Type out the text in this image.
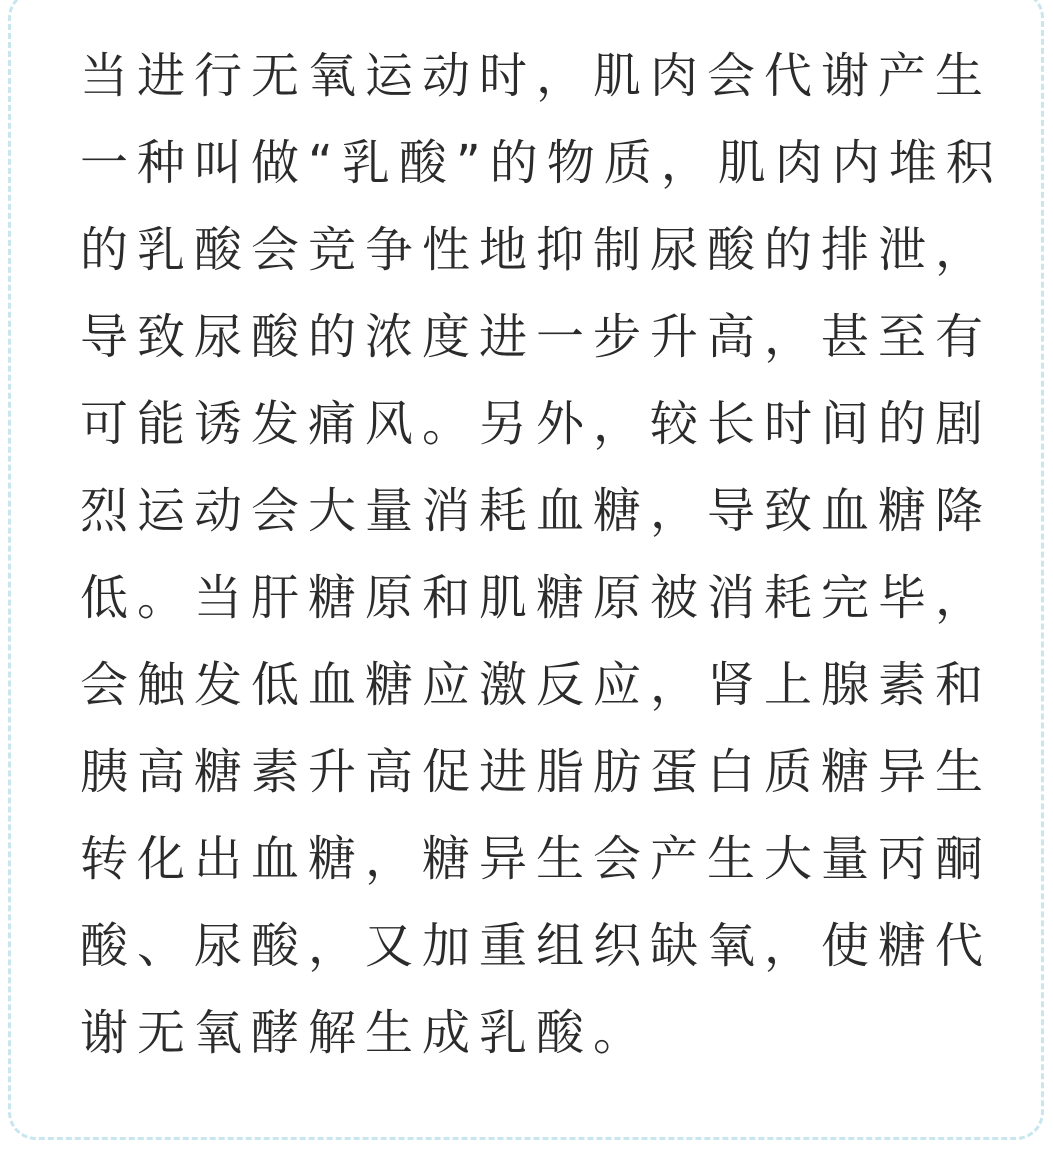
当进行无氧运动时，肌肉会代谢产生
一种叫做“乳酸”的物质，肌肉内堆积
的乳酸会竞争性地抑制尿酸的排泄，
导致尿酸的浓度进一步升高，甚至有
可能诱发痛风。另外，较长时间的剧
烈运动会大量消耗血糖，导致血糖降
低。当肝糖原和肌糖原被消耗完毕，
会触发低血糖应激反应，肾上腺素和
胰高糖素升高促进脂肪蛋白质糖异生
转化出血糖，糖异生会产生大量丙酮
酸、尿酸，又加重组织缺氧，使糖代
谢无氧酵解生成乳酸。
